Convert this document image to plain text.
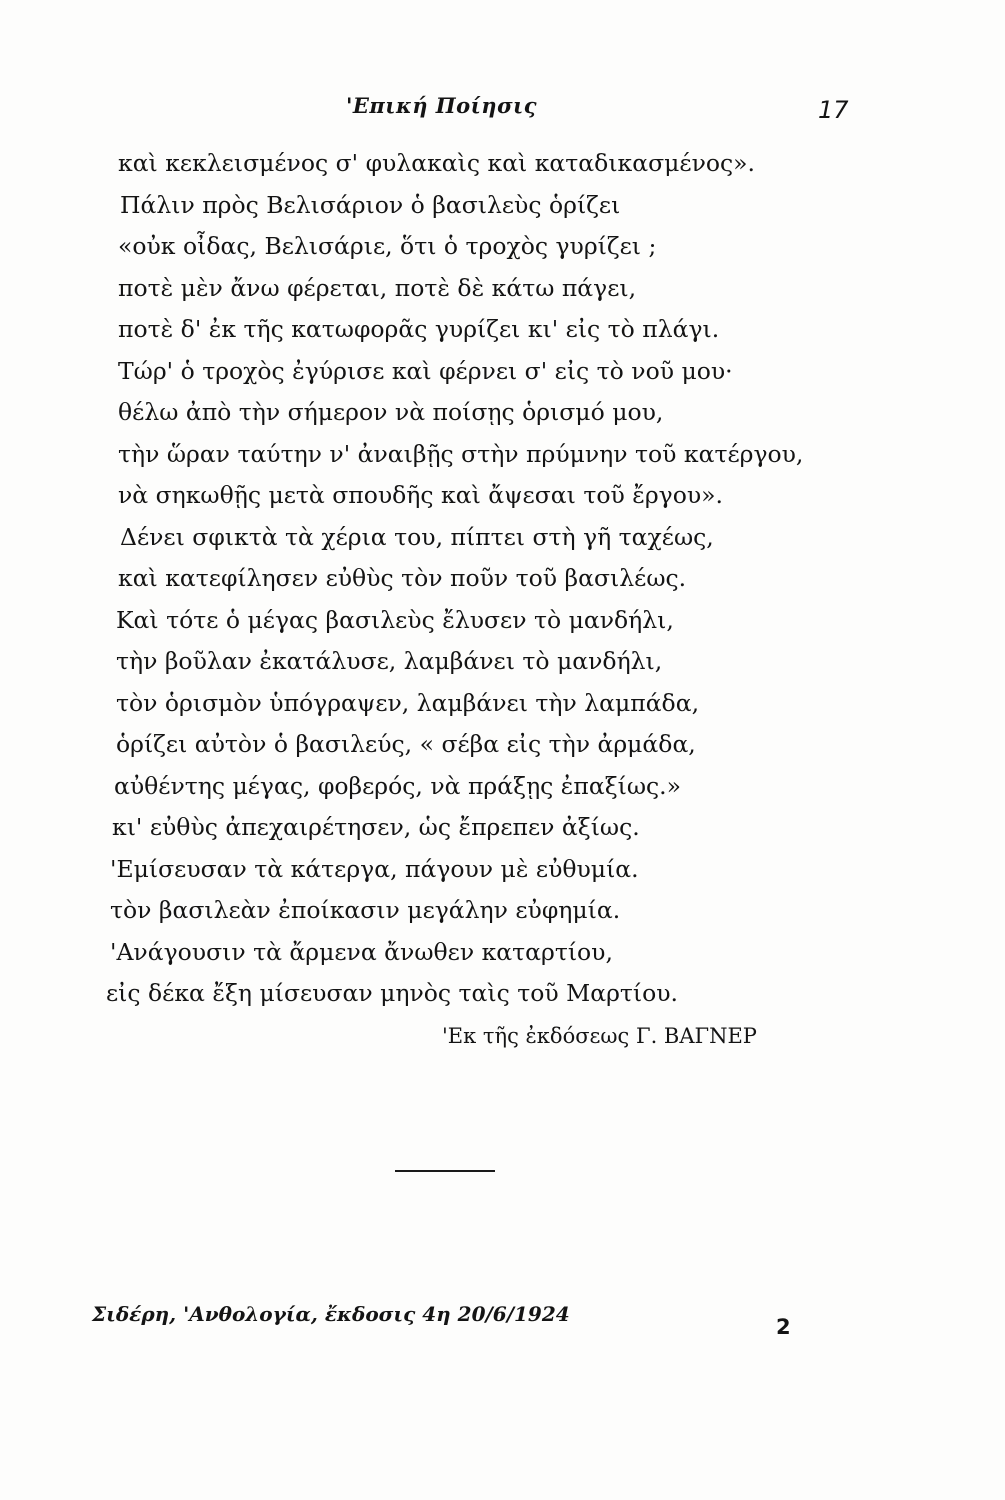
'Επική Ποίησις	17
καὶ κεκλεισμένος σ' φυλακαὶς καὶ καταδικασμένος».
Πάλιν πρὸς Βελισάριον ὁ βασιλεὺς ὁρίζει
«οὐκ οἶδας, Βελισάριε, ὅτι ὁ τροχὸς γυρίζει ;
ποτὲ μὲν ἄνω φέρεται, ποτὲ δὲ κάτω πάγει,
ποτὲ δ' ἐκ τῆς κατωφορᾶς γυρίζει κι' εἰς τὸ πλάγι.
Τώρ' ὁ τροχὸς ἐγύρισε καὶ φέρνει σ' εἰς τὸ νοῦ μου·
θέλω ἀπὸ τὴν σήμερον νὰ ποίσῃς ὁρισμό μου,
τὴν ὥραν ταύτην ν' ἀναιβῇς στὴν πρύμνην τοῦ κατέργου,
νὰ σηκωθῇς μετὰ σπουδῆς καὶ ἄψεσαι τοῦ ἔργου».
Δένει σφικτὰ τὰ χέρια του, πίπτει στὴ γῆ ταχέως,
καὶ κατεφίλησεν εὐθὺς τὸν ποῦν τοῦ βασιλέως.
Καὶ τότε ὁ μέγας βασιλεὺς ἔλυσεν τὸ μανδήλι,
τὴν βοῦλαν ἐκατάλυσε, λαμβάνει τὸ μανδήλι,
τὸν ὁρισμὸν ὑπόγραψεν, λαμβάνει τὴν λαμπάδα,
ὁρίζει αὐτὸν ὁ βασιλεύς, « σέβα εἰς τὴν ἀρμάδα,
αὐθέντης μέγας, φοβερός, νὰ πράξῃς ἐπαξίως.»
κι' εὐθὺς ἀπεχαιρέτησεν, ὡς ἔπρεπεν ἀξίως.
'Εμίσευσαν τὰ κάτεργα, πάγουν μὲ εὐθυμία.
τὸν βασιλεὰν ἐποίκασιν μεγάλην εὐφημία.
'Ανάγουσιν τὰ ἄρμενα ἄνωθεν καταρτίου,
εἰς δέκα ἔξη μίσευσαν μηνὸς ταὶς τοῦ Μαρτίου.
'Εκ τῆς ἐκδόσεως Γ. ΒΑΓΝΕΡ
Σιδέρη, 'Ανθολογία, ἔκδοσις 4η 20/6/1924
2
